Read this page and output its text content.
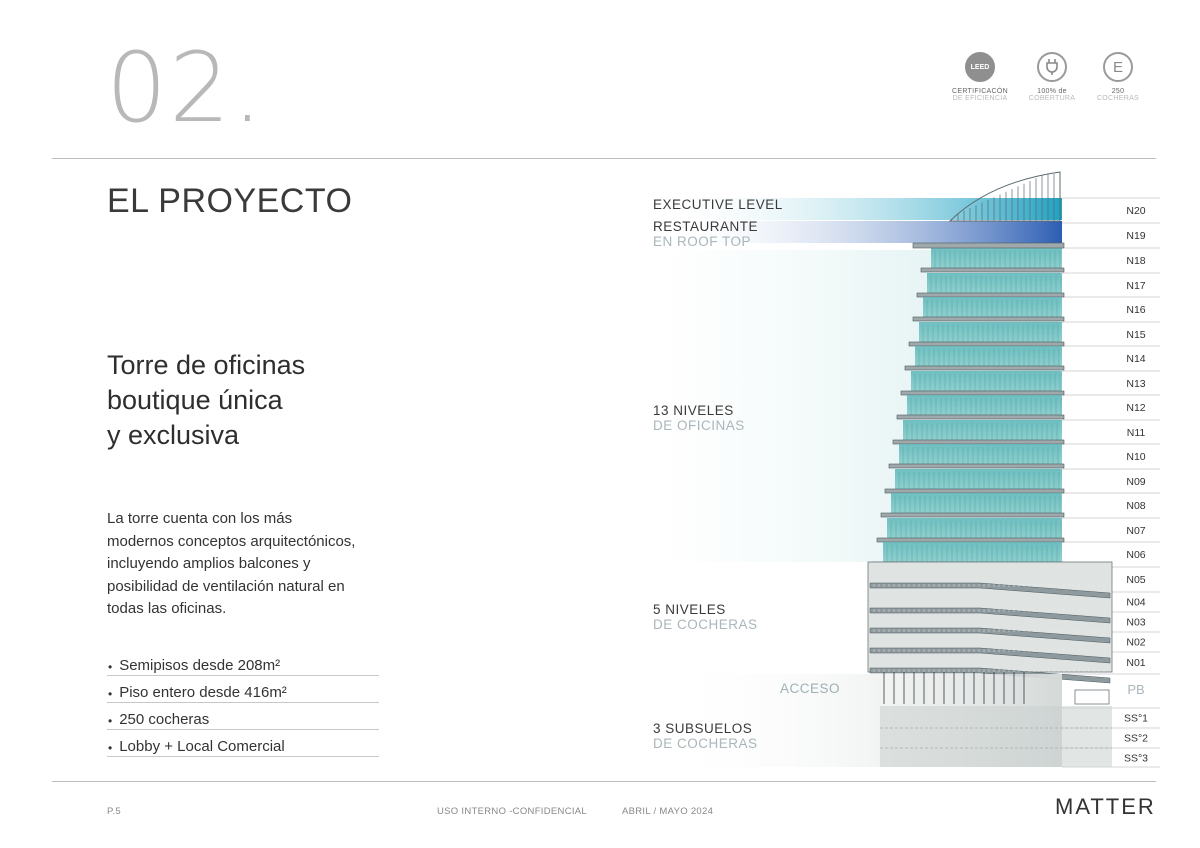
02.	LEED
CERTIFICACÓN
DE EFICIENCIA
100% de
COBERTURA
E
250
COCHERAS
EL PROYECTO
Torre de oficinas
boutique única
y exclusiva
La torre cuenta con los más
modernos conceptos arquitectónicos,
incluyendo amplios balcones y
posibilidad de ventilación natural en
todas las oficinas.
• Semipisos desde 208m²
• Piso entero desde 416m²
• 250 cocheras
• Lobby + Local Comercial
N20
N19
N18
N17
N16
N15
N14
N13
N12
N11
N10
N09
N08
N07
N06
N05
N04
N03
N02
N01
PB
SS°1
SS°2
SS°3
EXECUTIVE LEVEL
RESTAURANTE
EN ROOF TOP
13 NIVELES
DE OFICINAS
5 NIVELES
DE COCHERAS
ACCESO
3 SUBSUELOS
DE COCHERAS
P.5	USO INTERNO -CONFIDENCIAL	ABRIL / MAYO 2024	MATTER
